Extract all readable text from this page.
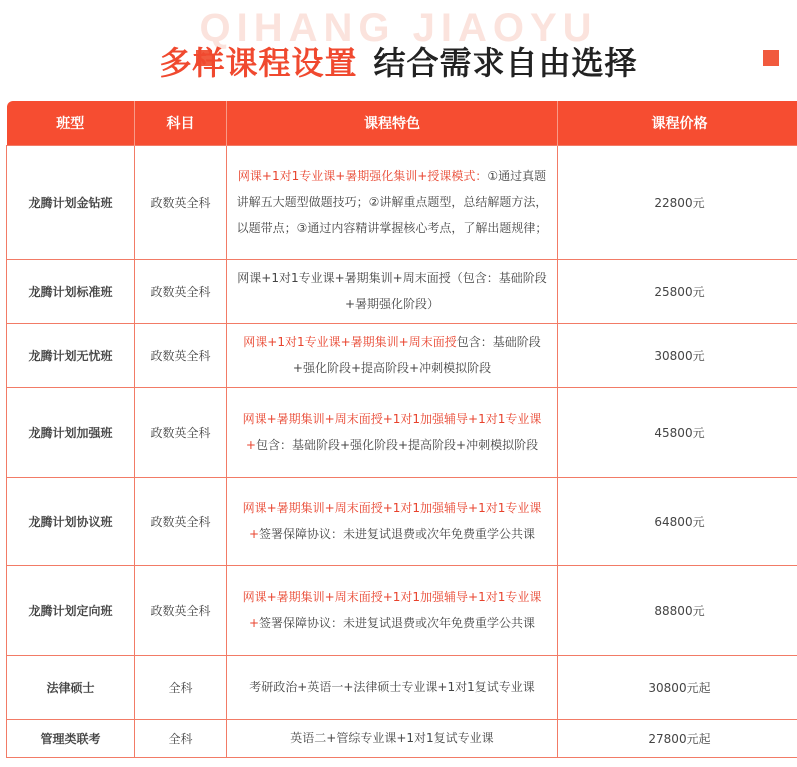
QIHANG JIAOYU
多样课程设置 结合需求自由选择
班型	科目	课程特色	课程价格
龙腾计划金钻班	政数英全科	网课+1对1专业课+暑期强化集训+授课模式：①通过真题讲解五大题型做题技巧；②讲解重点题型，总结解题方法，以题带点；③通过内容精讲掌握核心考点，了解出题规律；	22800元
龙腾计划标准班	政数英全科	网课+1对1专业课+暑期集训+周末面授（包含：基础阶段+暑期强化阶段）	25800元
龙腾计划无忧班	政数英全科	网课+1对1专业课+暑期集训+周末面授包含：基础阶段+强化阶段+提高阶段+冲刺模拟阶段	30800元
龙腾计划加强班	政数英全科	网课+暑期集训+周末面授+1对1加强辅导+1对1专业课+包含：基础阶段+强化阶段+提高阶段+冲刺模拟阶段	45800元
龙腾计划协议班	政数英全科	网课+暑期集训+周末面授+1对1加强辅导+1对1专业课+签署保障协议：未进复试退费或次年免费重学公共课	64800元
龙腾计划定向班	政数英全科	网课+暑期集训+周末面授+1对1加强辅导+1对1专业课+签署保障协议：未进复试退费或次年免费重学公共课	88800元
法律硕士	全科	考研政治+英语一+法律硕士专业课+1对1复试专业课	30800元起
管理类联考	全科	英语二+管综专业课+1对1复试专业课	27800元起
